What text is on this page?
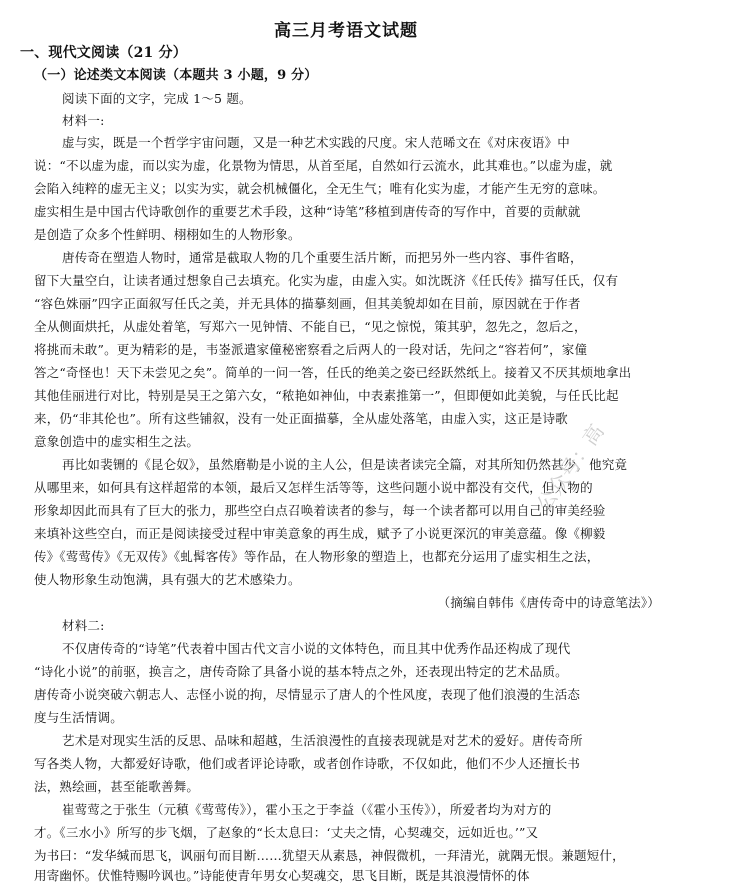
高三月考语文试题
一、现代文阅读（21 分）
（一）论述类文本阅读（本题共 3 小题，9 分）
阅读下面的文字，完成 1～5 题。
材料一:
虚与实，既是一个哲学宇宙问题，又是一种艺术实践的尺度。宋人范晞文在《对床夜语》中
说：“不以虚为虚，而以实为虚，化景物为情思，从首至尾，自然如行云流水，此其难也。”以虚为虚，就
会陷入纯粹的虚无主义；以实为实，就会机械僵化，全无生气；唯有化实为虚，才能产生无穷的意味。
虚实相生是中国古代诗歌创作的重要艺术手段，这种“诗笔”移植到唐传奇的写作中，首要的贡献就
是创造了众多个性鲜明、栩栩如生的人物形象。
唐传奇在塑造人物时，通常是截取人物的几个重要生活片断，而把另外一些内容、事件省略，
留下大量空白，让读者通过想象自己去填充。化实为虚，由虚入实。如沈既济《任氏传》描写任氏，仅有
“容色姝丽”四字正面叙写任氏之美，并无具体的描摹刻画，但其美貌却如在目前，原因就在于作者
全从侧面烘托，从虚处着笔，写郑六一见钟情、不能自已，“见之惊悦，策其驴，忽先之，忽后之，
将挑而未敢”。更为精彩的是，韦崟派遣家僮秘密察看之后两人的一段对话，先问之“容若何”，家僮
答之“奇怪也！天下未尝见之矣”。简单的一问一答，任氏的绝美之姿已经跃然纸上。接着又不厌其烦地拿出
其他佳丽进行对比，特别是吴王之第六女，“秾艳如神仙，中表素推第一”，但即便如此美貌，与任氏比起
来，仍“非其伦也”。所有这些铺叙，没有一处正面描摹，全从虚处落笔，由虚入实，这正是诗歌
意象创造中的虚实相生之法。
再比如裴铏的《昆仑奴》，虽然磨勒是小说的主人公，但是读者读完全篇，对其所知仍然甚少，他究竟
从哪里来，如何具有这样超常的本领，最后又怎样生活等等，这些问题小说中都没有交代，但人物的
形象却因此而具有了巨大的张力，那些空白点召唤着读者的参与，每一个读者都可以用自己的审美经验
来填补这些空白，而正是阅读接受过程中审美意象的再生成，赋予了小说更深沉的审美意蕴。像《柳毅
传》《莺莺传》《无双传》《虬髯客传》等作品，在人物形象的塑造上，也都充分运用了虚实相生之法，
使人物形象生动饱满，具有强大的艺术感染力。
（摘编自韩伟《唐传奇中的诗意笔法》）
材料二:
不仅唐传奇的“诗笔”代表着中国古代文言小说的文体特色，而且其中优秀作品还构成了现代
“诗化小说”的前驱，换言之，唐传奇除了具备小说的基本特点之外，还表现出特定的艺术品质。
唐传奇小说突破六朝志人、志怪小说的拘，尽情显示了唐人的个性风度，表现了他们浪漫的生活态
度与生活情调。
艺术是对现实生活的反思、品味和超越，生活浪漫性的直接表现就是对艺术的爱好。唐传奇所
写各类人物，大都爱好诗歌，他们或者评论诗歌，或者创作诗歌，不仅如此，他们不少人还擅长书
法，熟绘画，甚至能歌善舞。
崔莺莺之于张生（元稹《莺莺传》），霍小玉之于李益（《霍小玉传》），所爱者均为对方的
才。《三水小》所写的步飞烟，了赵象的“长太息曰：‘丈夫之情，心契魂交，远如近也。’”又
为书曰：“发华缄而思飞，讽丽句而目断……犹望天从素恳，神假微机，一拜清光，就隅无恨。兼题短什，
用寄幽怀。伏惟特赐吟讽也。”诗能使青年男女心契魂交，思飞目断，既是其浪漫情怀的体
公众号：高
